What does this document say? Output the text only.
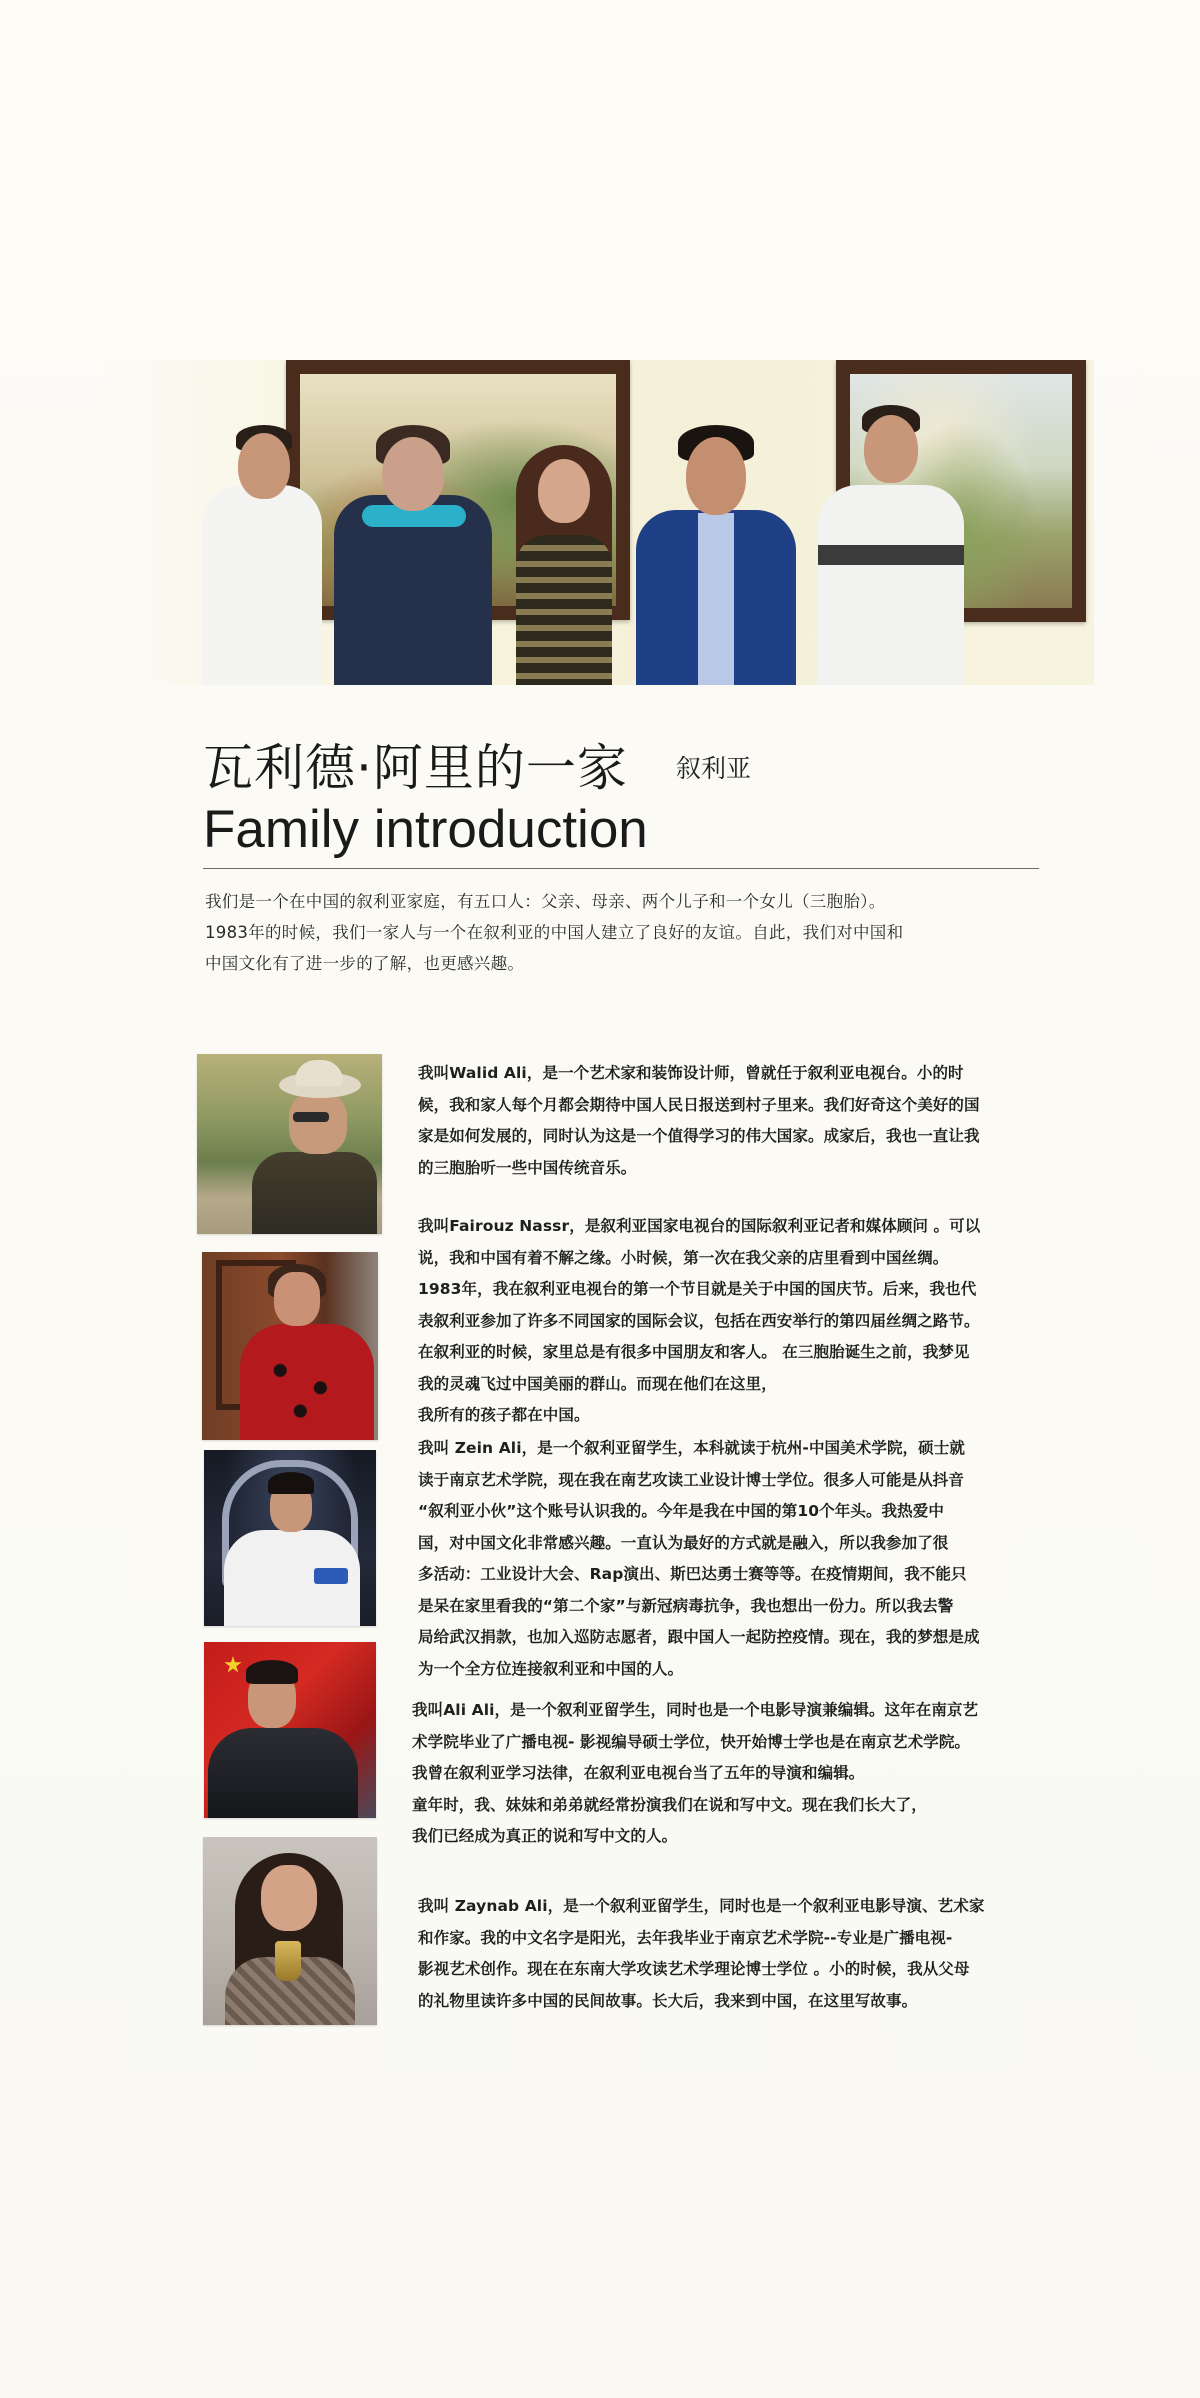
瓦利德·阿里的一家 叙利亚
Family introduction

我们是一个在中国的叙利亚家庭，有五口人：父亲、母亲、两个儿子和一个女儿（三胞胎）。

1983年的时候，我们一家人与一个在叙利亚的中国人建立了良好的友谊。自此，我们对中国和

中国文化有了进一步的了解，也更感兴趣。

我叫Walid Ali，是一个艺术家和装饰设计师，曾就任于叙利亚电视台。小的时

候，我和家人每个月都会期待中国人民日报送到村子里来。我们好奇这个美好的国

家是如何发展的，同时认为这是一个值得学习的伟大国家。成家后，我也一直让我

的三胞胎听一些中国传统音乐。

我叫Fairouz Nassr，是叙利亚国家电视台的国际叙利亚记者和媒体顾问 。可以

说，我和中国有着不解之缘。小时候，第一次在我父亲的店里看到中国丝绸。

1983年，我在叙利亚电视台的第一个节目就是关于中国的国庆节。后来，我也代

表叙利亚参加了许多不同国家的国际会议，包括在西安举行的第四届丝绸之路节。

在叙利亚的时候，家里总是有很多中国朋友和客人。 在三胞胎诞生之前，我梦见

我的灵魂飞过中国美丽的群山。而现在他们在这里，

我所有的孩子都在中国。

我叫 Zein Ali，是一个叙利亚留学生，本科就读于杭州-中国美术学院，硕士就

读于南京艺术学院，现在我在南艺攻读工业设计博士学位。很多人可能是从抖音

“叙利亚小伙”这个账号认识我的。今年是我在中国的第10个年头。我热爱中

国，对中国文化非常感兴趣。一直认为最好的方式就是融入，所以我参加了很

多活动：工业设计大会、Rap演出、斯巴达勇士赛等等。在疫情期间，我不能只

是呆在家里看我的“第二个家”与新冠病毒抗争，我也想出一份力。所以我去警

局给武汉捐款，也加入巡防志愿者，跟中国人一起防控疫情。现在，我的梦想是成

为一个全方位连接叙利亚和中国的人。

我叫Ali Ali，是一个叙利亚留学生，同时也是一个电影导演兼编辑。这年在南京艺

术学院毕业了广播电视- 影视编导硕士学位，快开始博士学也是在南京艺术学院。

我曾在叙利亚学习法律，在叙利亚电视台当了五年的导演和编辑。

童年时，我、妹妹和弟弟就经常扮演我们在说和写中文。现在我们长大了，

我们已经成为真正的说和写中文的人。

我叫 Zaynab Ali，是一个叙利亚留学生，同时也是一个叙利亚电影导演、艺术家

和作家。我的中文名字是阳光，去年我毕业于南京艺术学院--专业是广播电视-

影视艺术创作。现在在东南大学攻读艺术学理论博士学位 。小的时候，我从父母

的礼物里读许多中国的民间故事。长大后，我来到中国，在这里写故事。
